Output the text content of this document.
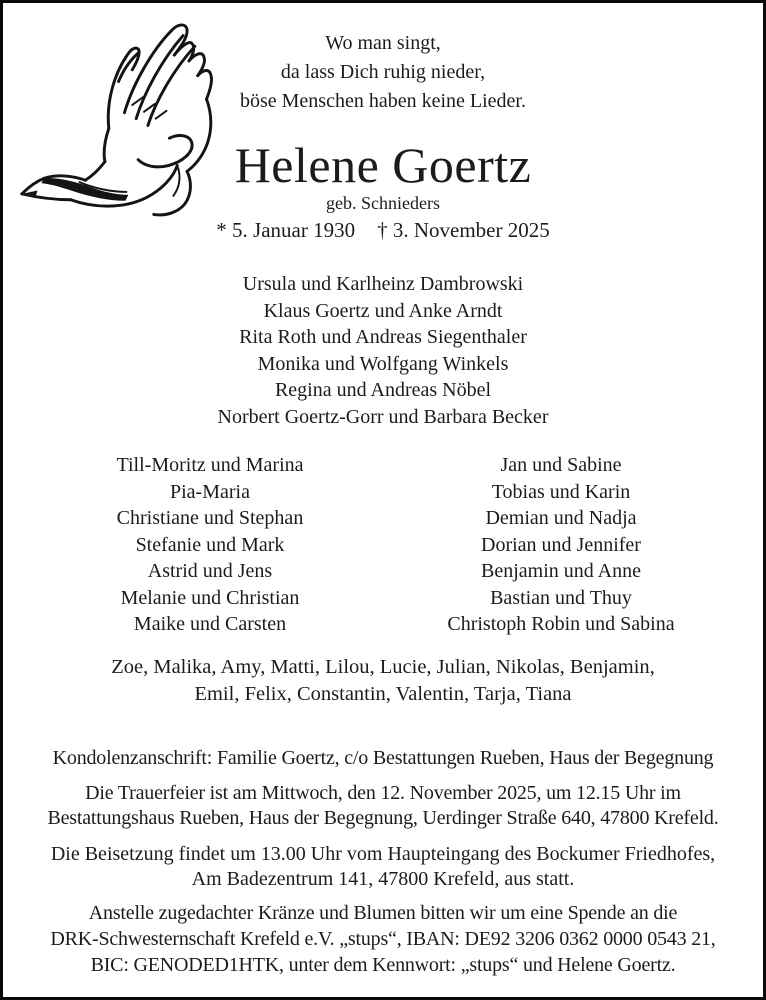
Wo man singt,
da lass Dich ruhig nieder,
böse Menschen haben keine Lieder.
Helene Goertz
geb. Schnieders
* 5. Januar 1930 † 3. November 2025
Ursula und Karlheinz Dambrowski
Klaus Goertz und Anke Arndt
Rita Roth und Andreas Siegenthaler
Monika und Wolfgang Winkels
Regina und Andreas Nöbel
Norbert Goertz-Gorr und Barbara Becker
Till-Moritz und Marina
Pia-Maria
Christiane und Stephan
Stefanie und Mark
Astrid und Jens
Melanie und Christian
Maike und Carsten
Jan und Sabine
Tobias und Karin
Demian und Nadja
Dorian und Jennifer
Benjamin und Anne
Bastian und Thuy
Christoph Robin und Sabina
Zoe, Malika, Amy, Matti, Lilou, Lucie, Julian, Nikolas, Benjamin,
Emil, Felix, Constantin, Valentin, Tarja, Tiana
Kondolenzanschrift: Familie Goertz, c/o Bestattungen Rueben, Haus der Begegnung
Die Trauerfeier ist am Mittwoch, den 12. November 2025, um 12.15 Uhr im
Bestattungshaus Rueben, Haus der Begegnung, Uerdinger Straße 640, 47800 Krefeld.
Die Beisetzung findet um 13.00 Uhr vom Haupteingang des Bockumer Friedhofes,
Am Badezentrum 141, 47800 Krefeld, aus statt.
Anstelle zugedachter Kränze und Blumen bitten wir um eine Spende an die
DRK-Schwesternschaft Krefeld e.V. „stups“, IBAN: DE92 3206 0362 0000 0543 21,
BIC: GENODED1HTK, unter dem Kennwort: „stups“ und Helene Goertz.
